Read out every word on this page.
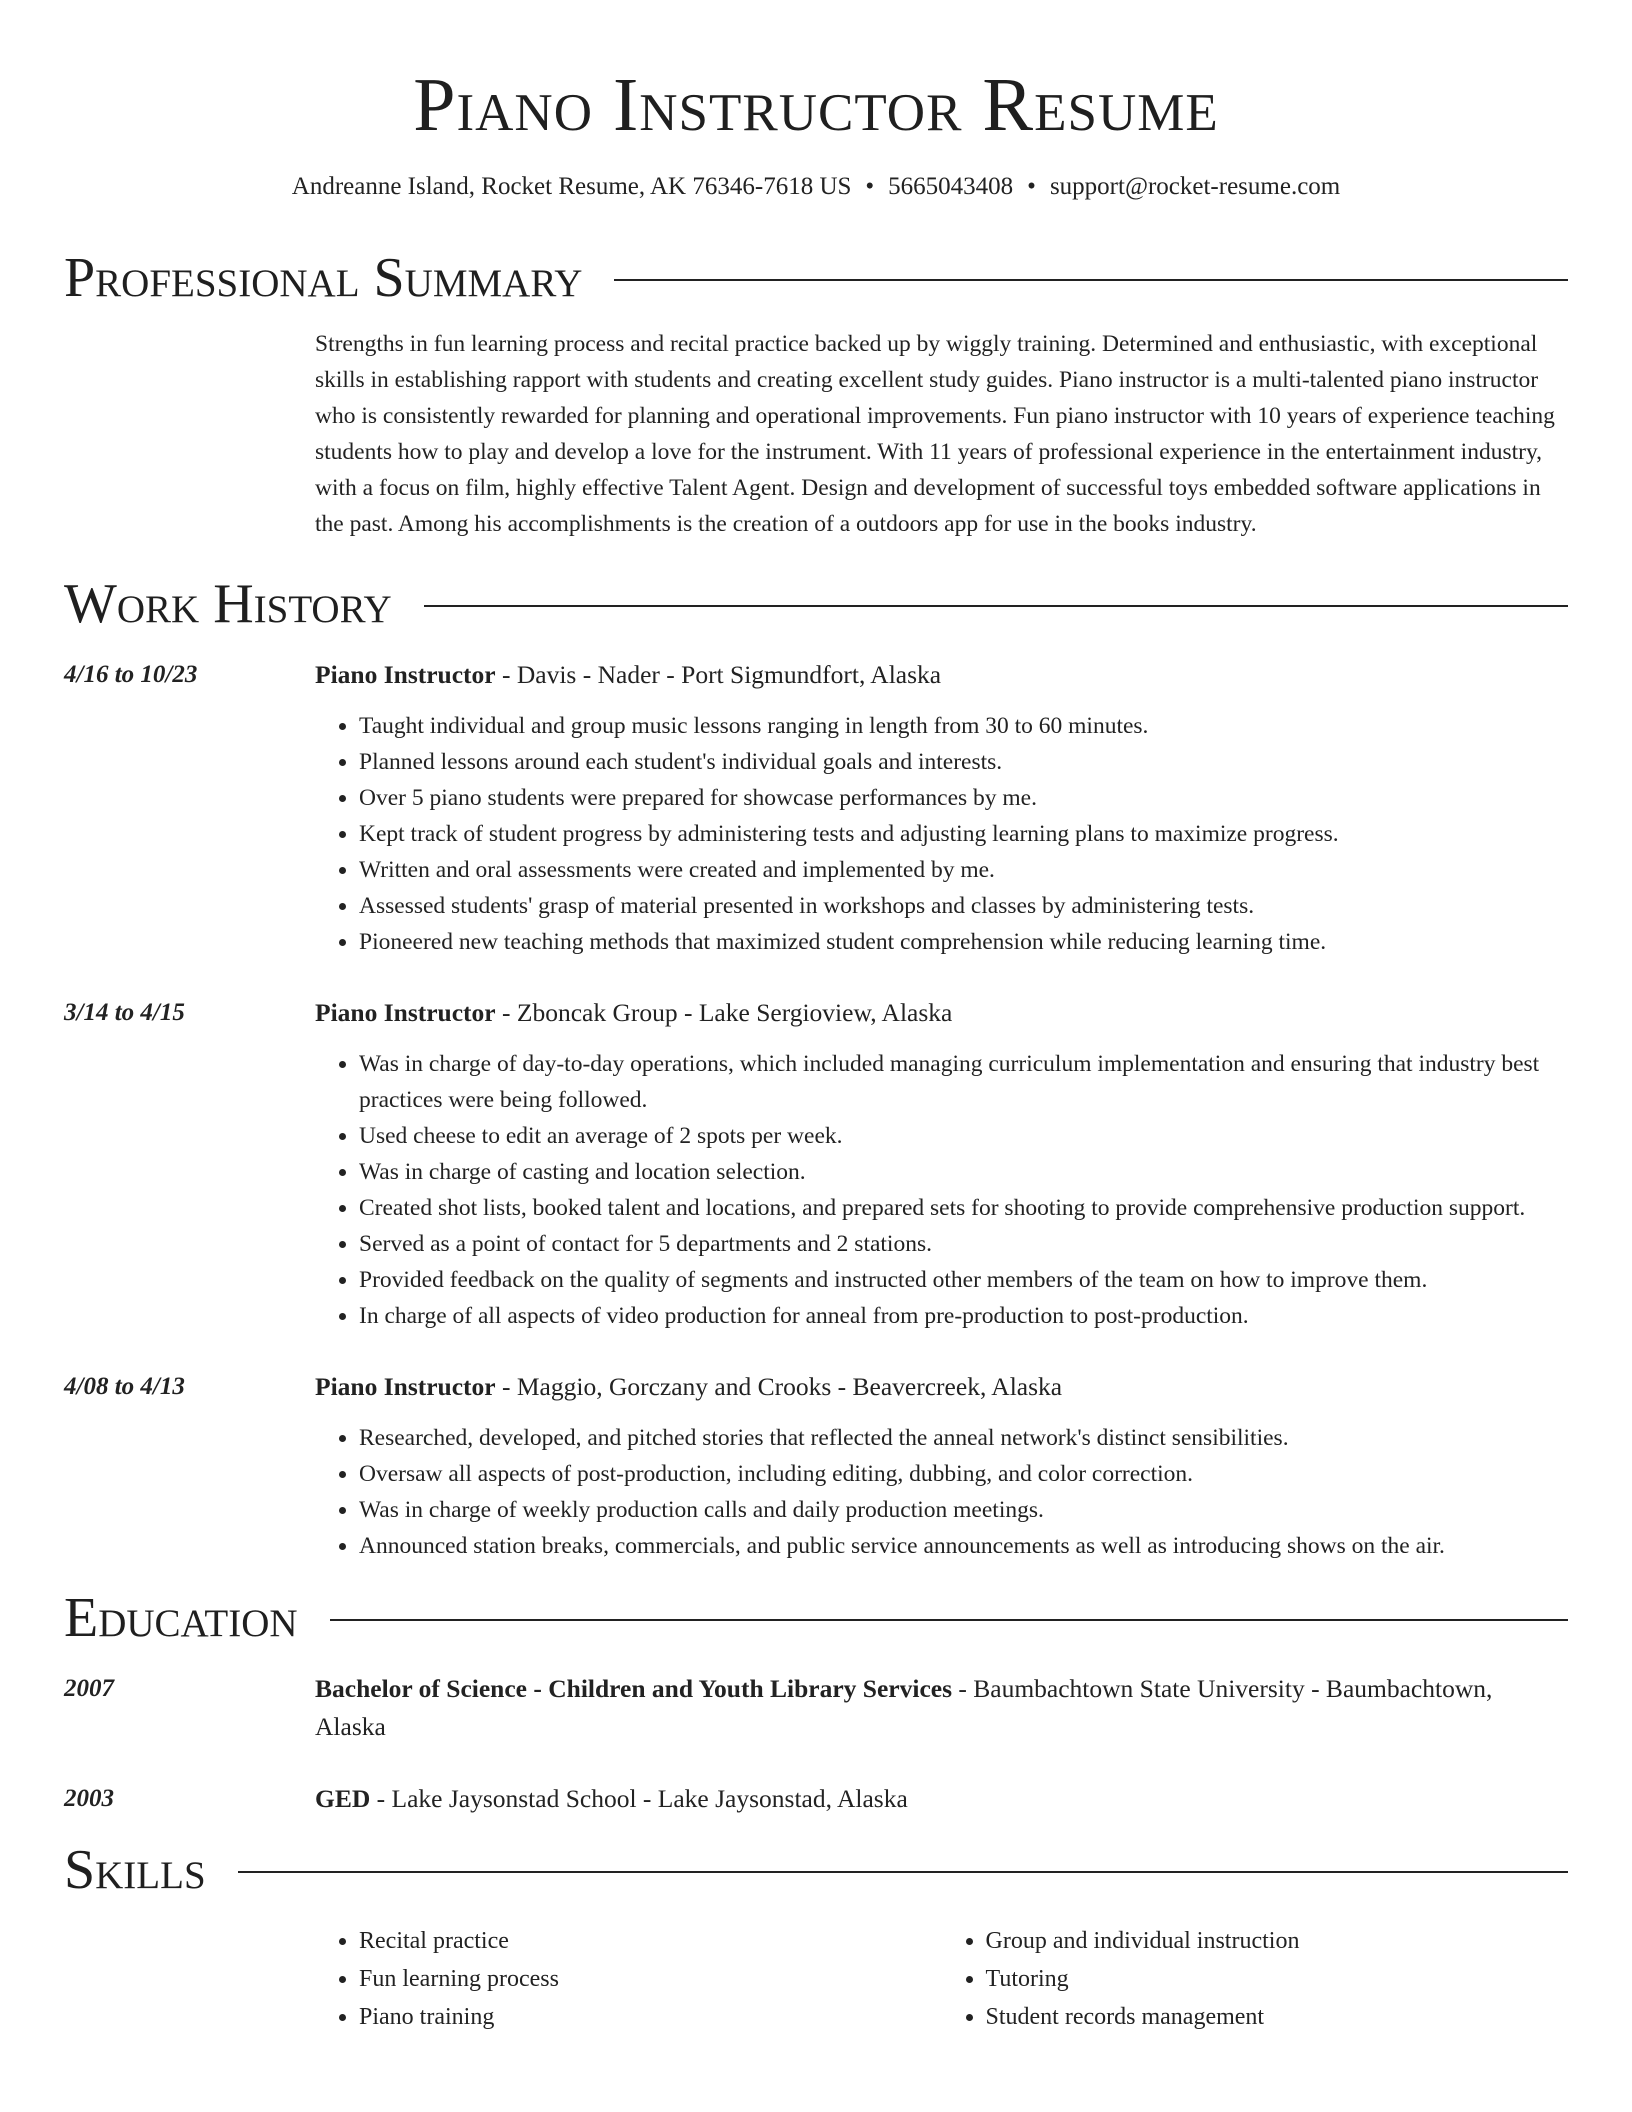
Piano Instructor Resume
Andreanne Island, Rocket Resume, AK 76346-7618 US • 5665043408 • support@rocket-resume.com
Professional Summary
Strengths in fun learning process and recital practice backed up by wiggly training. Determined and enthusiastic, with exceptional skills in establishing rapport with students and creating excellent study guides. Piano instructor is a multi-talented piano instructor who is consistently rewarded for planning and operational improvements. Fun piano instructor with 10 years of experience teaching students how to play and develop a love for the instrument. With 11 years of professional experience in the entertainment industry, with a focus on film, highly effective Talent Agent. Design and development of successful toys embedded software applications in the past. Among his accomplishments is the creation of a outdoors app for use in the books industry.
Work History
4/16 to 10/23	Piano Instructor - Davis - Nader - Port Sigmundfort, Alaska
• Taught individual and group music lessons ranging in length from 30 to 60 minutes.
• Planned lessons around each student's individual goals and interests.
• Over 5 piano students were prepared for showcase performances by me.
• Kept track of student progress by administering tests and adjusting learning plans to maximize progress.
• Written and oral assessments were created and implemented by me.
• Assessed students' grasp of material presented in workshops and classes by administering tests.
• Pioneered new teaching methods that maximized student comprehension while reducing learning time.
3/14 to 4/15	Piano Instructor - Zboncak Group - Lake Sergioview, Alaska
• Was in charge of day-to-day operations, which included managing curriculum implementation and ensuring that industry best practices were being followed.
• Used cheese to edit an average of 2 spots per week.
• Was in charge of casting and location selection.
• Created shot lists, booked talent and locations, and prepared sets for shooting to provide comprehensive production support.
• Served as a point of contact for 5 departments and 2 stations.
• Provided feedback on the quality of segments and instructed other members of the team on how to improve them.
• In charge of all aspects of video production for anneal from pre-production to post-production.
4/08 to 4/13	Piano Instructor - Maggio, Gorczany and Crooks - Beavercreek, Alaska
• Researched, developed, and pitched stories that reflected the anneal network's distinct sensibilities.
• Oversaw all aspects of post-production, including editing, dubbing, and color correction.
• Was in charge of weekly production calls and daily production meetings.
• Announced station breaks, commercials, and public service announcements as well as introducing shows on the air.
Education
2007	Bachelor of Science - Children and Youth Library Services - Baumbachtown State University - Baumbachtown, Alaska
2003	GED - Lake Jaysonstad School - Lake Jaysonstad, Alaska
Skills
• Recital practice
• Fun learning process
• Piano training
• Group and individual instruction
• Tutoring
• Student records management
